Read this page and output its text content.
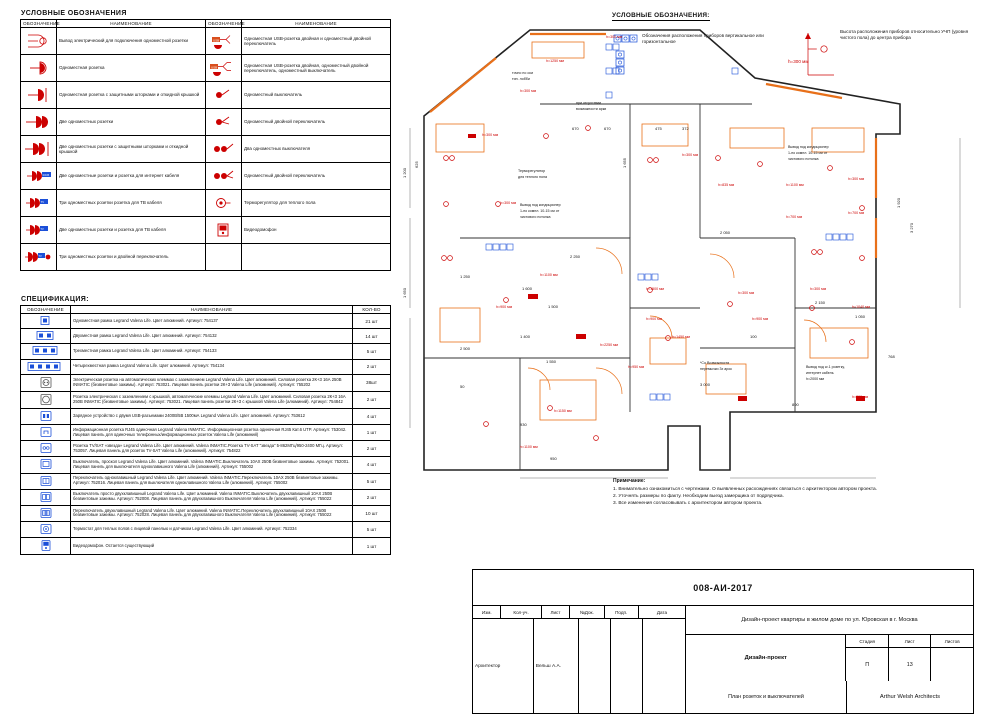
УСЛОВНЫЕ ОБОЗНАЧЕНИЯ
ОБОЗНАЧЕНИЕ	НАИМЕНОВАНИЕ	ОБОЗНАЧЕНИЕ	НАИМЕНОВАНИЕ
	Вывод электрический для подключения одноместной розетки	USB	Одноместная USB-розетка двойная и одноместный двойной переключатель
	Одноместная розетка	USB	Одноместная USB-розетка двойная, одноместный двойной переключатель, одноместный выключатель
	Одноместная розетка с защитными шторками и откидной крышкой		Одноместный выключатель
	Две одноместных розетки		Одноместный двойной переключатель
	Две одноместных розетки с защитными шторками и откидной крышкой		Два одноместных выключателя

RJ45	Две одноместные розетки и розетка для интернет кабеля		Одноместный двойной переключатель

TV	Три одноместных розетки розетка для ТВ кабеля		Терморегулятор для теплого пола

TV	Две одноместных розетки и розетка для ТВ кабеля		Видеодомофон

TV	Три одноместных розетки и двойной переключатель		
СПЕЦИФИКАЦИЯ:
ОБОЗНАЧЕНИЕ	НАИМЕНОВАНИЕ	КОЛ-ВО
	Одноместная рамка Legrand Valena Life. Цвет алюминий. Артикул: 754137	21 шт
	Двухместная рамка Legrand Valena Life. Цвет алюминий. Артикул: 754132	14 шт
	Трехместная рамка Legrand Valena Life. Цвет алюминий. Артикул: 754133	5 шт
	Четырехместная рамка Legrand Valena Life. Цвет алюминий. Артикул: 754134	2 шт
	Электрическая розетка на автоматических клеммах с заземлением Legrand Valena Life. Цвет алюминий. Силовая розетка 2К+З 16А 250В INMATIC (безвинтовые зажимы). Артикул: 753021. Лицевая панель розетки 2К+З Valena Life (алюминий). Артикул: 755202	38шт
	Розетка электрическая с заземлением с крышкой, автоматические клеммы Legrand Valena Life. Цвет алюминий. Силовая розетка 2К+З 16А 250В INMATIC (безвинтовые зажимы). Артикул: 753021. Лицевая панель розетки 2К+З с крышкой Valena Life (алюминий). Артикул: 754842	2 шт
	Зарядное устройство с двумя USB-разъемами 2400В/5В 1500мА Legrand Valena Life. Цвет алюминий. Артикул: 753612	4 шт
	Информационная розетка RJ45 одиночная Legrand Valena INMATIC. Информационная розетка одиночная RJ45 Кат.6 UTP. Артикул: 753042. Лицевая панель для одиночных телефонных/информационных розеток Valena Life (алюминий)	1 шт
	Розетка TV/SAT «звезда» Legrand Valena Life. Цвет алюминий. Valena INMATIC.Розетка TV-SAT "звезда" 5-862МГц/950-2400 МГц. Артикул: 753057. Лицевая панель для розеток TV-SAT Valena Life (алюминий). Артикул: 754822	2 шт
	Выключатель, проскол Legrand Valena Life. Цвет алюминий. Valena INMATIC.Выключатель 10АХ 250В безвинтовые зажимы. Артикул: 752001. Лицевая панель для выключателя одноклавишного Valena Life (алюминий). Артикул: 755002	4 шт
	Переключатель одноклавишный Legrand Valena Life. Цвет алюминий. Valena INMATIC.Переключатель 10АХ 250В безвинтовые зажимы. Артикул: 752016. Лицевая панель для выключателя одноклавишного Valena Life (алюминий). Артикул: 755002	5 шт
	Выключатель просто двухклавишный Legrand Valena Life. Цвет алюминий. Valena INMATIC.Выключатель двухклавишный 10АХ 250В безвинтовые зажимы. Артикул: 752008. Лицевая панель для двухклавишного Выключателя Valena Life (алюминий). Артикул: 755022	2 шт
	Переключатель двухклавишный Legrand Valena Life. Цвет алюминий. Valena INMATIC.Переключатель двухклавишный 10АХ 250В безвинтовые зажимы. Артикул: 752028. Лицевая панель для двухклавишного Выключателя Valena Life (алюминий). Артикул: 755022	10 шт
	Термостат для теплых полов с лицевой панелью и датчиком Legrand Valena Life. Цвет алюминий. Артикул: 752334	5 шт
	Видеодомофон. Остается существующий	1 шт
УСЛОВНЫЕ ОБОЗНАЧЕНИЯ:
Обозначения расположения приборов вертикальное или горизонтальное
h=300 мм
Высота расположения приборов относительно УЧП (уровня чистого пола) до центра прибора
1 200
625
1 650
1 250
2 250
3 000
950
800
1 050
2 150
2 050	3 270
1 920
1 655
475	372
670	670
50
1 400
1 550
1 500
1 600
2 500
100
768
930
h=300 мм
h=300 мм
h=300 мм
h=900 мм
h=1100 мм
h=1250 мм
h=300 мм
h=300 мм
h=835 мм	h=1100 мм
h=700 мм
h=300 мм
h=700 мм
h=1500 мм
h=900 мм
h=300 мм
h=900 мм
h=300 мм
h=1040 мм
h=1150 мм
h=1100 мм
h=950 мм
h=2250 мм
h=300 мм
h=1450 мм
Терморегулятор
для теплого пола
Вывод под кондиционер
1-но компл. 10-15 см от
чистового потолка
Вывод под кондиционер
1-но компл. 10-15 см от
чистового потолка
Вывод под w-1 розетку,
интернет кабель
h=2000 мм
*Со Возможности
перемычки 3х арок
точно по оси
тип. лобби
при отсутствии
возможности арки
Примечание:
1. Внимательно ознакомиться с чертежами. О выявленных расхождениях связаться с архитектором автором проекта.
2. Уточнять размеры по факту. Необходим выезд замерщика от подрядчика.
3. Все изменения согласовывать с архитектором автором проекта.
008-АИ-2017
Изм.	Кол-уч.	Лист	№Док.	Подп.	Дата
Архитектор	Вельш А.А.
Дизайн-проект квартиры в жилом доме по ул. Юровская в г. Москва
Дизайн-проект
Стадия	Лист	Листов
П	13
План розеток и выключателей	Arthur Welsh Architects
